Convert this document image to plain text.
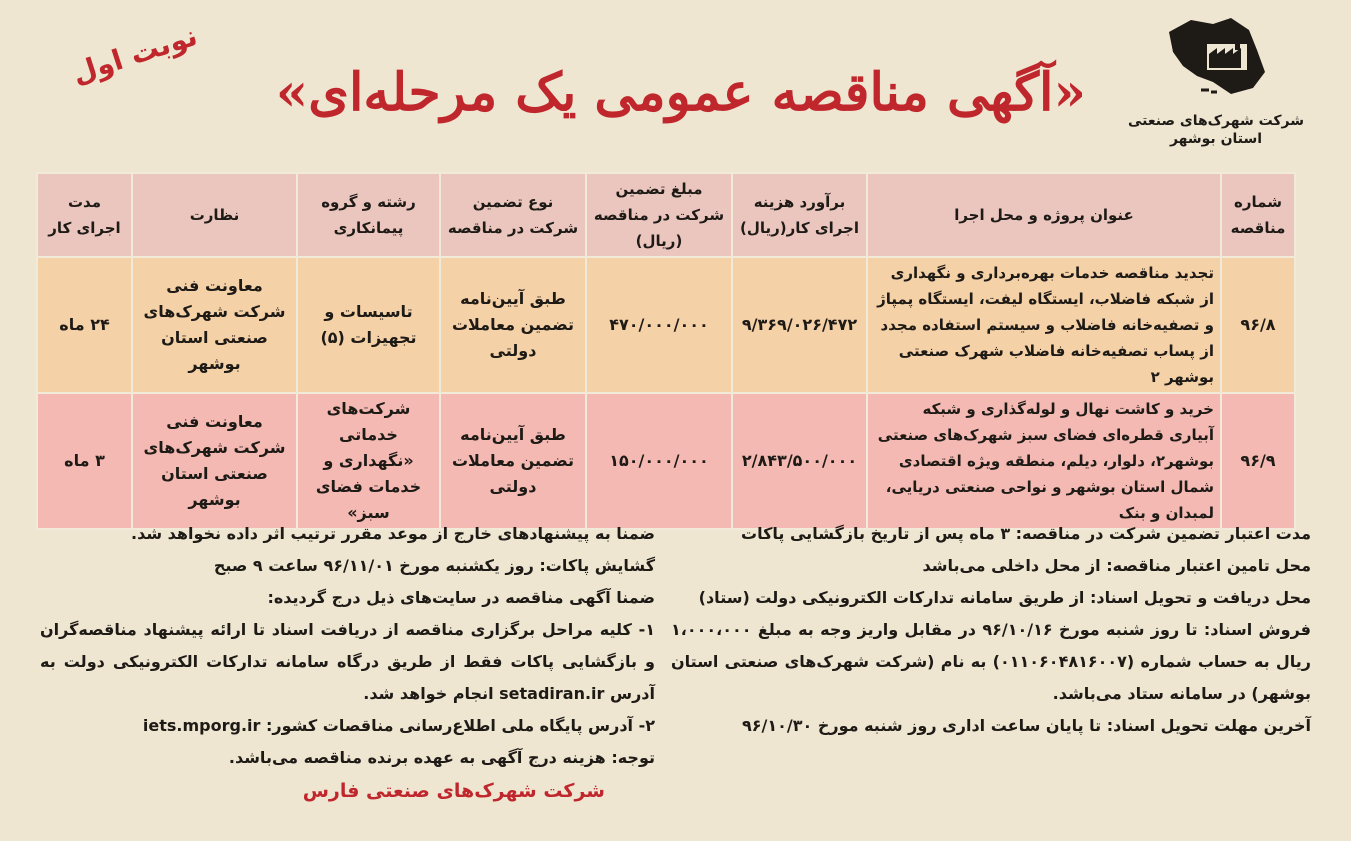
شرکت شهرک‌های صنعتی
استان بوشهر
«آگهی مناقصه عمومی یک مرحله‌ای»
نوبت اول
شماره مناقصه	عنوان پروژه و محل اجرا	برآورد هزینه اجرای کار(ریال)	مبلغ تضمین شرکت در مناقصه (ریال)	نوع تضمین شرکت در مناقصه	رشته و گروه پیمانکاری	نظارت	مدت اجرای کار
۹۶/۸	تجدید مناقصه خدمات بهره‌برداری و نگهداری از شبکه فاضلاب، ایستگاه لیفت، ایستگاه پمپاژ و تصفیه‌خانه فاضلاب و سیستم استفاده مجدد از پساب تصفیه‌خانه فاضلاب شهرک صنعتی بوشهر ۲	۹/۳۶۹/۰۲۶/۴۷۲	۴۷۰/۰۰۰/۰۰۰	طبق آیین‌نامه تضمین معاملات دولتی	تاسیسات و تجهیزات (۵)	معاونت فنی شرکت شهرک‌های صنعتی استان بوشهر	۲۴ ماه
۹۶/۹	خرید و کاشت نهال و لوله‌گذاری و شبکه آبیاری قطره‌ای فضای سبز شهرک‌های صنعتی بوشهر۲، دلوار، دیلم، منطقه ویژه اقتصادی شمال استان بوشهر و نواحی صنعتی دریایی، لمبدان و بنک	۲/۸۴۳/۵۰۰/۰۰۰	۱۵۰/۰۰۰/۰۰۰	طبق آیین‌نامه تضمین معاملات دولتی	شرکت‌های خدماتی «نگهداری و خدمات فضای سبز»	معاونت فنی شرکت شهرک‌های صنعتی استان بوشهر	۳ ماه

مدت اعتبار تضمین شرکت در مناقصه: ۳ ماه پس از تاریخ بازگشایی پاکات

محل تامین اعتبار مناقصه: از محل داخلی می‌باشد

محل دریافت و تحویل اسناد: از طریق سامانه تدارکات الکترونیکی دولت (ستاد)

فروش اسناد: تا روز شنبه مورخ ۹۶/۱۰/۱۶ در مقابل واریز وجه به مبلغ ۱،۰۰۰،۰۰۰ ریال به حساب شماره (۰۱۱۰۶۰۴۸۱۶۰۰۷) به نام (شرکت شهرک‌های صنعتی استان بوشهر) در سامانه ستاد می‌باشد.

آخرین مهلت تحویل اسناد: تا پایان ساعت اداری روز شنبه مورخ ۹۶/۱۰/۳۰

ضمنا به پیشنهادهای خارج از موعد مقرر ترتیب اثر داده نخواهد شد.

گشایش پاکات: روز یکشنبه مورخ ۹۶/۱۱/۰۱ ساعت ۹ صبح

ضمنا آگهی مناقصه در سایت‌های ذیل درج گردیده:

۱- کلیه مراحل برگزاری مناقصه از دریافت اسناد تا ارائه پیشنهاد مناقصه‌گران و بازگشایی پاکات فقط از طریق درگاه سامانه تدارکات الکترونیکی دولت به آدرس setadiran.ir انجام خواهد شد.

۲- آدرس پایگاه ملی اطلاع‌رسانی مناقصات کشور: iets.mporg.ir

توجه: هزینه درج آگهی به عهده برنده مناقصه می‌باشد.

شرکت شهرک‌های صنعتی فارس
